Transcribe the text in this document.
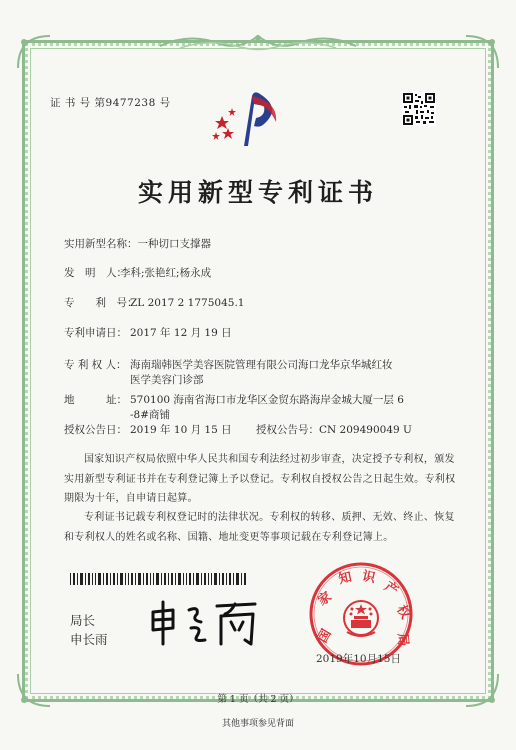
证 书 号 第9477238 号
实用新型专利证书
实用新型名称：一种切口支撑器
发　明　人：李科;张艳红;杨永成
专　　利　号：ZL 2017 2 1775045.1
专利申请日： 2017 年 12 月 19 日
专 利 权 人： 海南瑞韩医学美容医院管理有限公司海口龙华京华城红妆
医学美容门诊部
地　　　址： 570100 海南省海口市龙华区金贸东路海岸金城大厦一层 6
-8#商铺
授权公告日： 2019 年 10 月 15 日 授权公告号：CN 209490049 U
国家知识产权局依照中华人民共和国专利法经过初步审查，决定授予专利权，颁发实用新型专利证书并在专利登记簿上予以登记。专利权自授权公告之日起生效。专利权期限为十年，自申请日起算。
专利证书记载专利权登记时的法律状况。专利权的转移、质押、无效、终止、恢复和专利权人的姓名或名称、国籍、地址变更等事项记载在专利登记簿上。
局长
申长雨	国
家
知 识
产
权
局
2019年10月15日
第 1 页（共 2 页）
其他事项参见背面
